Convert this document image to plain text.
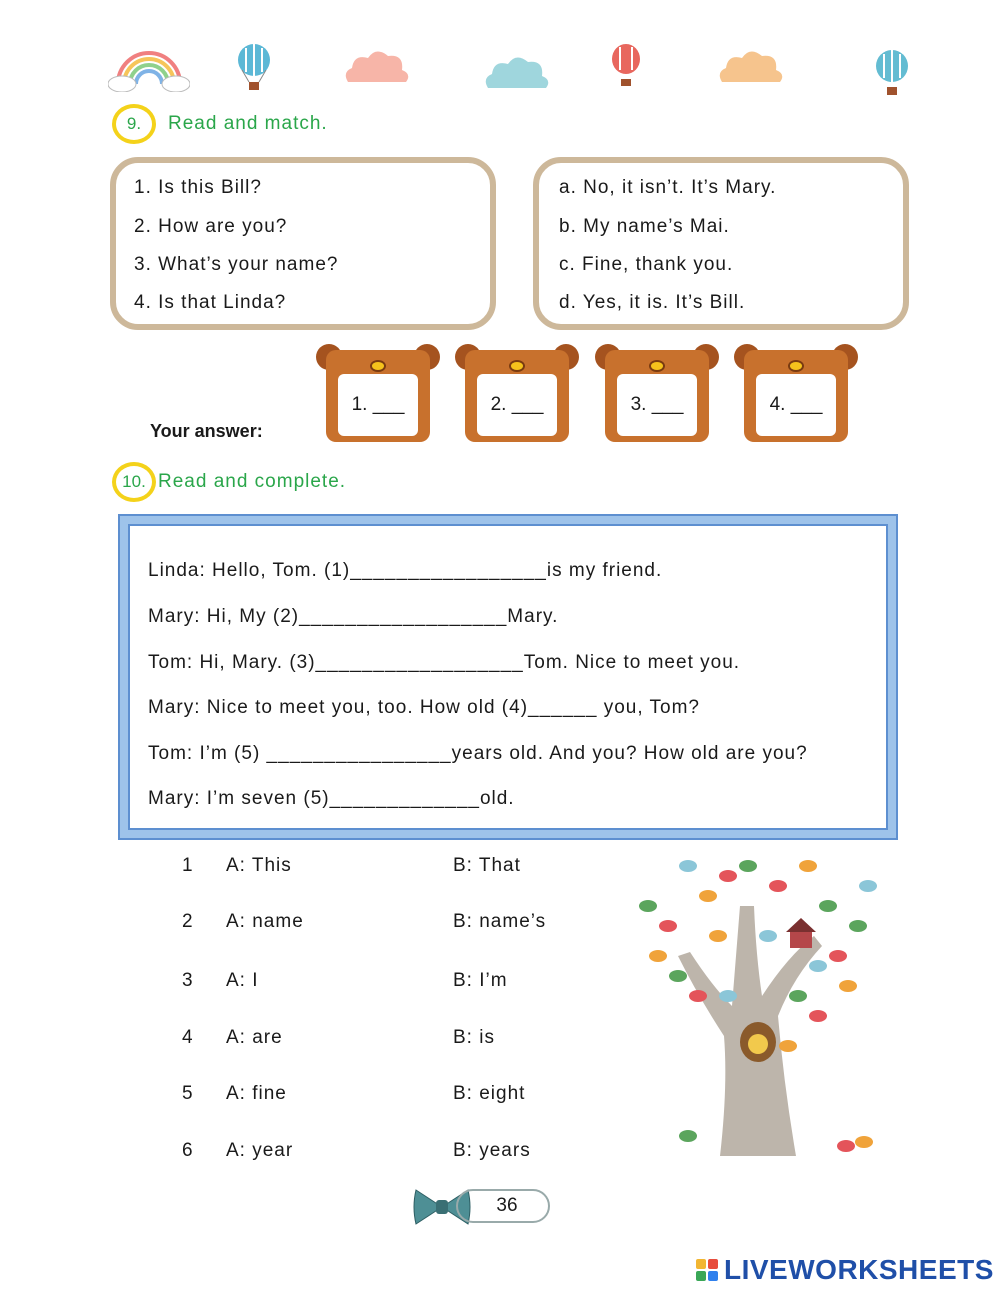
9. Read and match.
1. Is this Bill?
2. How are you?
3. What’s your name?
4. Is that Linda?
a. No, it isn’t. It’s Mary.
b. My name’s Mai.
c. Fine, thank you.
d. Yes, it is. It’s Bill.
Your answer:
1. ___	2. ___	3. ___	4. ___
10. Read and complete.
Linda: Hello, Tom. (1)_________________is my friend.
Mary: Hi, My (2)__________________Mary.
Tom: Hi, Mary. (3)__________________Tom. Nice to meet you.
Mary: Nice to meet you, too. How old (4)______ you, Tom?
Tom: I’m (5) ________________years old. And you? How old are you?
Mary: I’m seven (5)_____________old.
1 A: This	B: That
2 A: name	B: name’s
3 A: I	B: I’m
4 A: are	B: is
5 A: fine	B: eight
6 A: year	B: years
36
LIVEWORKSHEETS
